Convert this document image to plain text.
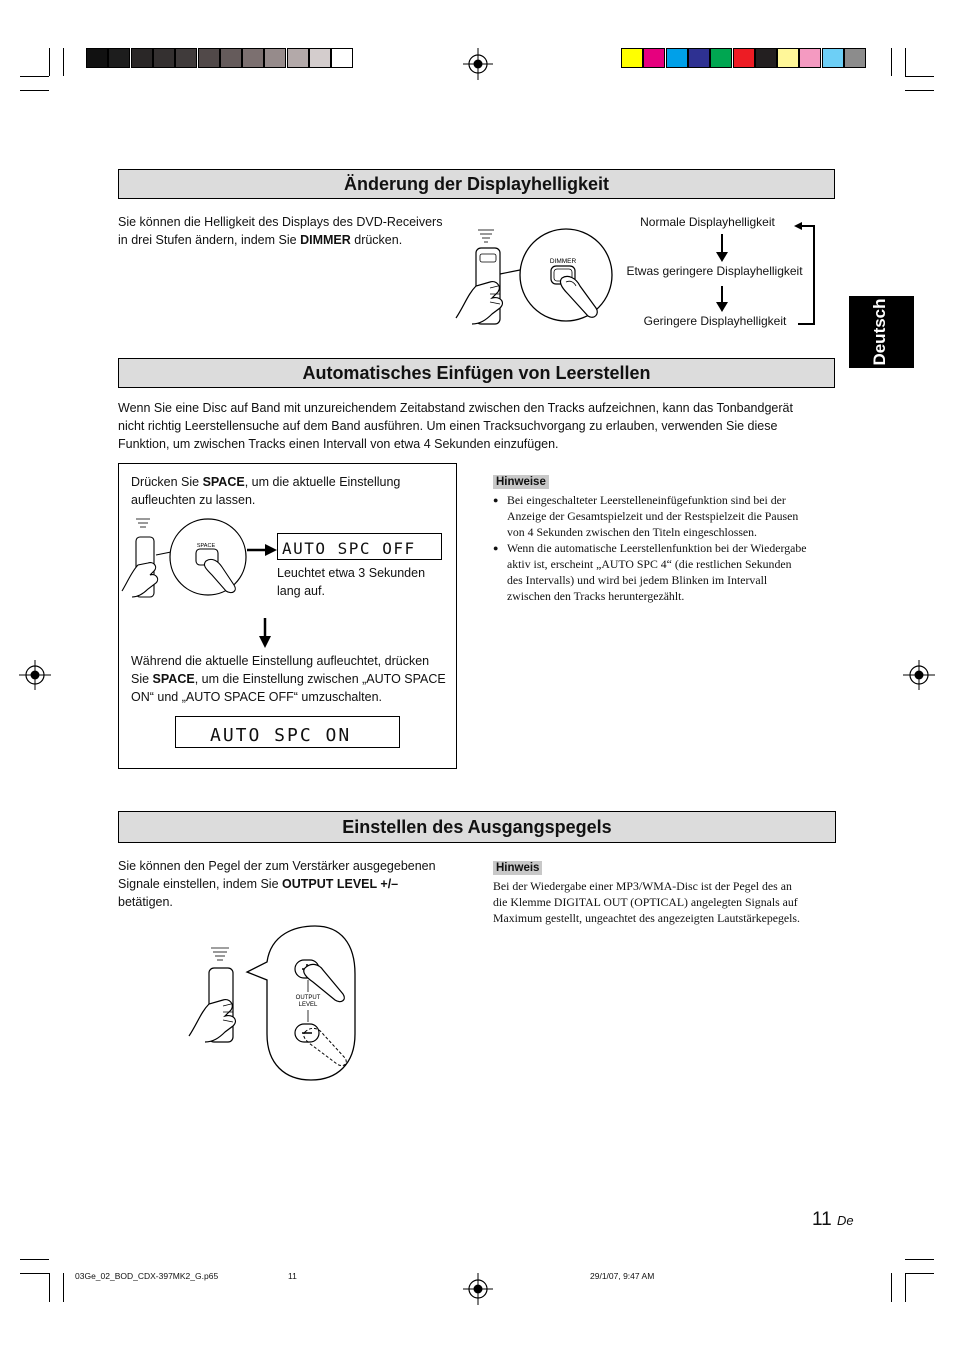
Deutsch
Änderung der Displayhelligkeit
Sie können die Helligkeit des Displays des DVD-Receivers
in drei Stufen ändern, indem Sie DIMMER drücken.
DIMMER
Normale Displayhelligkeit
Etwas geringere Displayhelligkeit
Geringere Displayhelligkeit
Automatisches Einfügen von Leerstellen
Wenn Sie eine Disc auf Band mit unzureichendem Zeitabstand zwischen den Tracks aufzeichnen, kann das Tonbandgerät
nicht richtig Leerstellensuche auf dem Band ausführen. Um einen Tracksuchvorgang zu erlauben, verwenden Sie diese
Funktion, um zwischen Tracks einen Intervall von etwa 4 Sekunden einzufügen.
Drücken Sie SPACE, um die aktuelle Einstellung
aufleuchten zu lassen.
SPACE	AUTO SPC OFF
Leuchtet etwa 3 Sekunden
lang auf.
Während die aktuelle Einstellung aufleuchtet, drücken
Sie SPACE, um die Einstellung zwischen „AUTO SPACE
ON“ und „AUTO SPACE OFF“ umzuschalten.
AUTO SPC ON
Hinweise
● Bei eingeschalteter Leerstelleneinfügefunktion sind bei der
Anzeige der Gesamtspielzeit und der Restspielzeit die Pausen
von 4 Sekunden zwischen den Titeln eingeschlossen.
● Wenn die automatische Leerstellenfunktion bei der Wiedergabe
aktiv ist, erscheint „AUTO SPC 4“ (die restlichen Sekunden
des Intervalls) und wird bei jedem Blinken im Intervall
zwischen den Tracks heruntergezählt.
Einstellen des Ausgangspegels
Sie können den Pegel der zum Verstärker ausgegebenen
Signale einstellen, indem Sie OUTPUT LEVEL +/–
betätigen.
Hinweis
Bei der Wiedergabe einer MP3/WMA-Disc ist der Pegel des an
die Klemme DIGITAL OUT (OPTICAL) angelegten Signals auf
Maximum gestellt, ungeachtet des angezeigten Lautstärkepegels.
OUTPUT
LEVEL
11 De
03Ge_02_BOD_CDX-397MK2_G.p65	11	29/1/07, 9:47 AM
